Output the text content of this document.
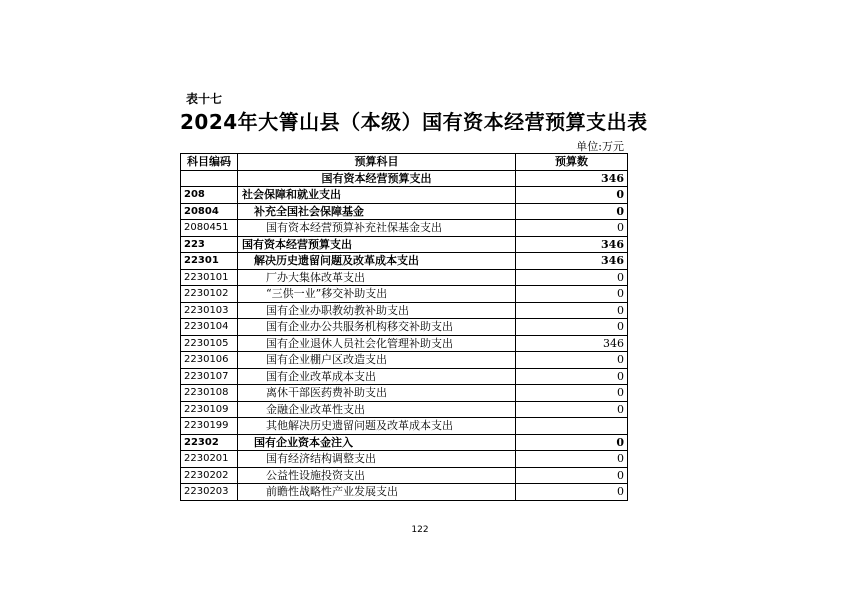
表十七
2024年大箐山县（本级）国有资本经营预算支出表
单位:万元
科目编码	预算科目	预算数
	国有资本经营预算支出	346
208	社会保障和就业支出	0
20804	补充全国社会保障基金	0
2080451	国有资本经营预算补充社保基金支出	0
223	国有资本经营预算支出	346
22301	解决历史遗留问题及改革成本支出	346
2230101	厂办大集体改革支出	0
2230102	“三供一业”移交补助支出	0
2230103	国有企业办职教幼教补助支出	0
2230104	国有企业办公共服务机构移交补助支出	0
2230105	国有企业退休人员社会化管理补助支出	346
2230106	国有企业棚户区改造支出	0
2230107	国有企业改革成本支出	0
2230108	离休干部医药费补助支出	0
2230109	金融企业改革性支出	0
2230199	其他解决历史遗留问题及改革成本支出	
22302	国有企业资本金注入	0
2230201	国有经济结构调整支出	0
2230202	公益性设施投资支出	0
2230203	前瞻性战略性产业发展支出	0
122
